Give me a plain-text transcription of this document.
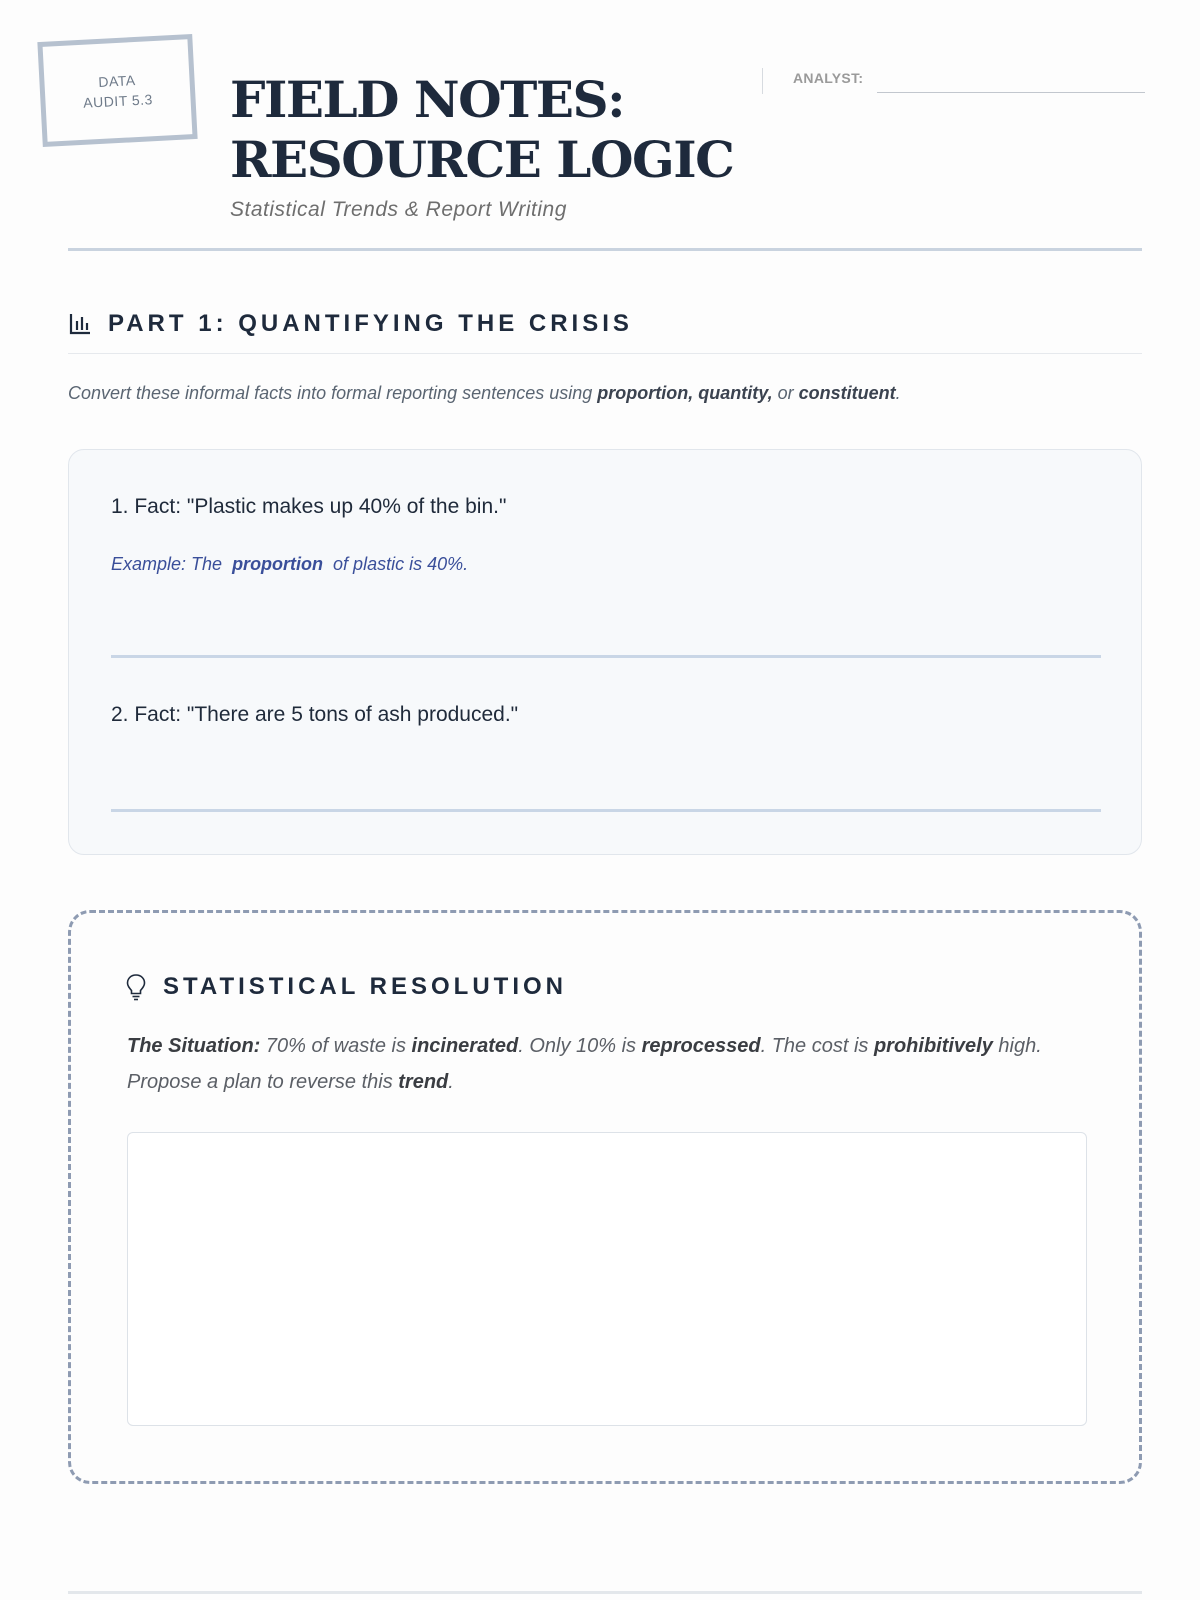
DATA
AUDIT 5.3 FIELD NOTES:
RESOURCE LOGIC
Statistical Trends & Report Writing
ANALYST:
PART 1: QUANTIFYING THE CRISIS
Convert these informal facts into formal reporting sentences using proportion, quantity, or constituent.
1. Fact: "Plastic makes up 40% of the bin."
Example: The proportion of plastic is 40%.
2. Fact: "There are 5 tons of ash produced."
STATISTICAL RESOLUTION
The Situation: 70% of waste is incinerated. Only 10% is reprocessed. The cost is prohibitively high. Propose a plan to reverse this trend.
